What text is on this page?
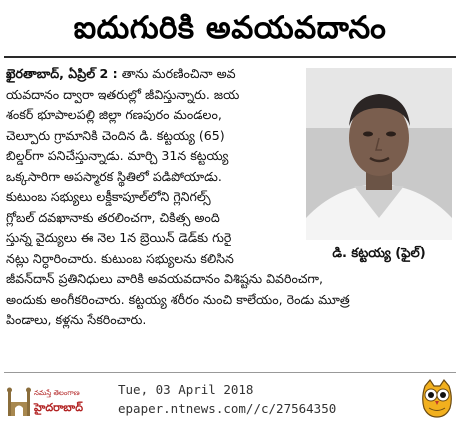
ఐదుగురికి అవయవదానం
ఖైరతాబాద్, ఏప్రిల్ 2 : తాను మరణించినా అవ
యవదానం ద్వారా ఇతరుల్లో జీవిస్తున్నారు. జయ
శంకర్ భూపాలపల్లి జిల్లా గణపురం మండలం,
చెల్పూరు గ్రామానికి చెందిన డి. కట్టయ్య (65)
బిల్డర్‌గా పనిచేస్తున్నాడు. మార్చి 31న కట్టయ్య
ఒక్కసారిగా అపస్మారక స్థితిలో పడిపోయాడు.
కుటుంబ సభ్యులు లక్డీకాపూల్‌లోని గ్లెనిగల్స్
గ్లోబల్ దవఖానాకు తరలించగా, చికిత్స అంది
స్తున్న వైద్యులు ఈ నెల 1న బ్రెయిన్ డెడ్‌కు గురై
నట్లు నిర్ధారించారు. కుటుంబ సభ్యులను కలిసిన
జీవన్‌దాన్ ప్రతినిధులు వారికి అవయవదానం విశిష్టను వివరించగా,
అందుకు అంగీకరించారు. కట్టయ్య శరీరం నుంచి కాలేయం, రెండు మూత్ర
పిండాలు, కళ్లను సేకరించారు.
డి. కట్టయ్య (ఫైల్)
నమస్తే తెలంగాణ
హైదరాబాద్
Tue, 03 April 2018
epaper.ntnews.com//c/27564350
